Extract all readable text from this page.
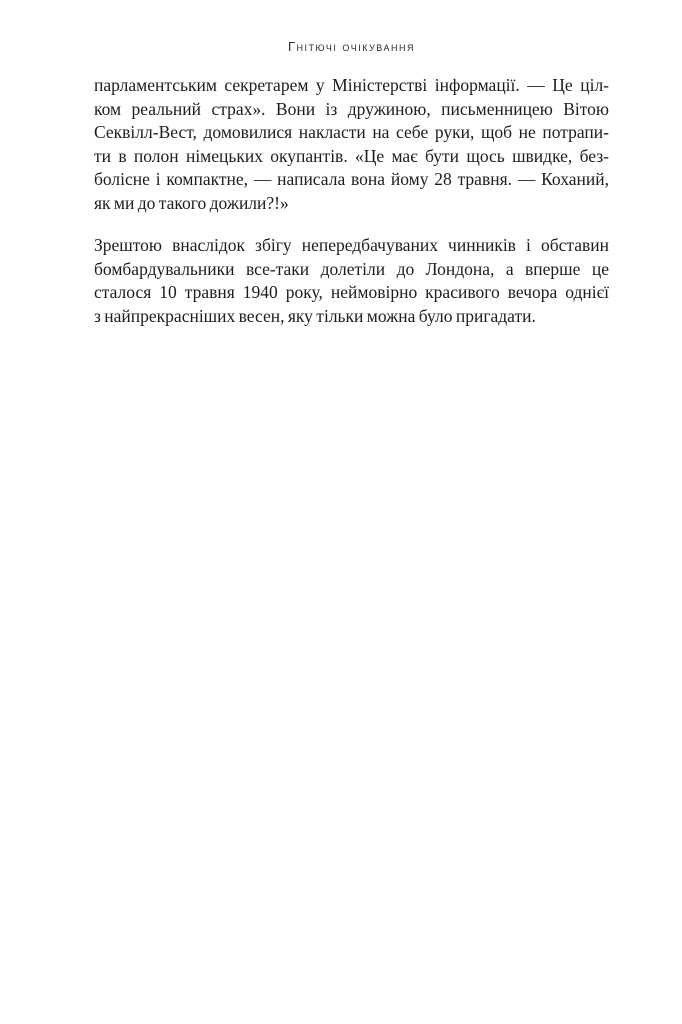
Гнітючі очікування

парламентським секретарем у Міністерстві інформації. — Це ціл-
ком реальний страх». Вони із дружиною, письменницею Вітою
Секвілл-Вест, домовилися накласти на себе руки, щоб не потрапи-
ти в полон німецьких окупантів. «Це має бути щось швидке, без-
болісне і компактне, — написала вона йому 28 травня. — Коханий,
як ми до такого дожили?!»

Зрештою внаслідок збігу непередбачуваних чинників і обставин
бомбардувальники все-таки долетіли до Лондона, а вперше це
сталося 10 травня 1940 року, неймовірно красивого вечора однієї
з найпрекрасніших весен, яку тільки можна було пригадати.
